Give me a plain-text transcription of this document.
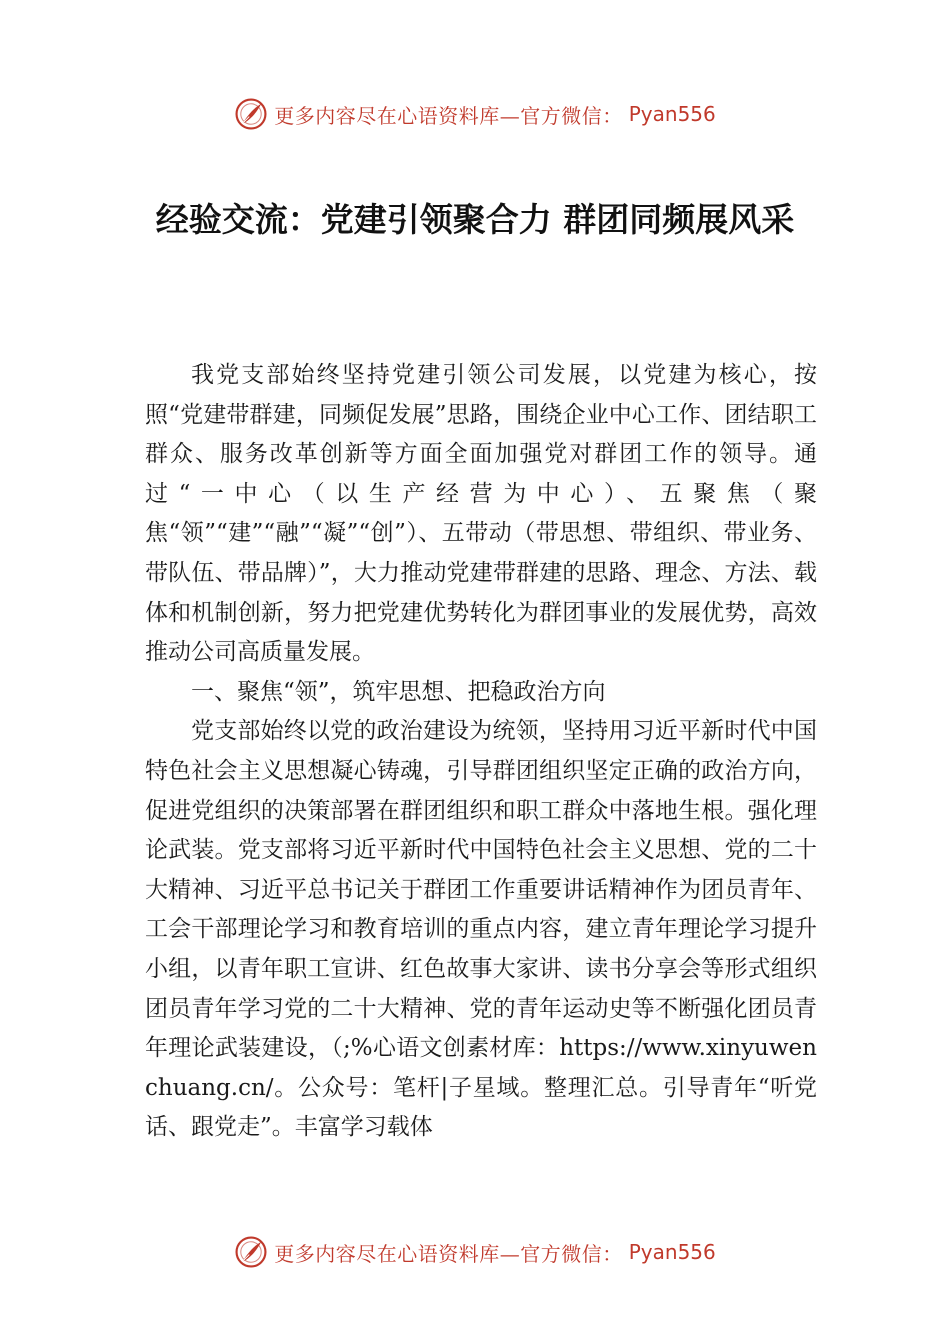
更多内容尽在心语资料库—官方微信： Pyan556
经验交流：党建引领聚合力 群团同频展风采

我党支部始终坚持党建引领公司发展，以党建为核心，按照“党建带群建，同频促发展”思路，围绕企业中心工作、团结职工群众、服务改革创新等方面全面加强党对群团工作的领导。通过“一中心（以生产经营为中心）、五聚焦（聚焦“领”“建”“融”“凝”“创”）、五带动（带思想、带组织、带业务、带队伍、带品牌）”，大力推动党建带群建的思路、理念、方法、载体和机制创新，努力把党建优势转化为群团事业的发展优势，高效推动公司高质量发展。

一、聚焦“领”，筑牢思想、把稳政治方向

党支部始终以党的政治建设为统领，坚持用习近平新时代中国特色社会主义思想凝心铸魂，引导群团组织坚定正确的政治方向，促进党组织的决策部署在群团组织和职工群众中落地生根。强化理论武装。党支部将习近平新时代中国特色社会主义思想、党的二十大精神、习近平总书记关于群团工作重要讲话精神作为团员青年、工会干部理论学习和教育培训的重点内容，建立青年理论学习提升小组，以青年职工宣讲、红色故事大家讲、读书分享会等形式组织团员青年学习党的二十大精神、党的青年运动史等不断强化团员青年理论武装建设，（;%心语文创素材库：https://www.xinyuwenchuang.cn/。公众号：笔杆|子星域。整理汇总。引导青年“听党话、跟党走”。丰富学习载体

更多内容尽在心语资料库—官方微信： Pyan556
